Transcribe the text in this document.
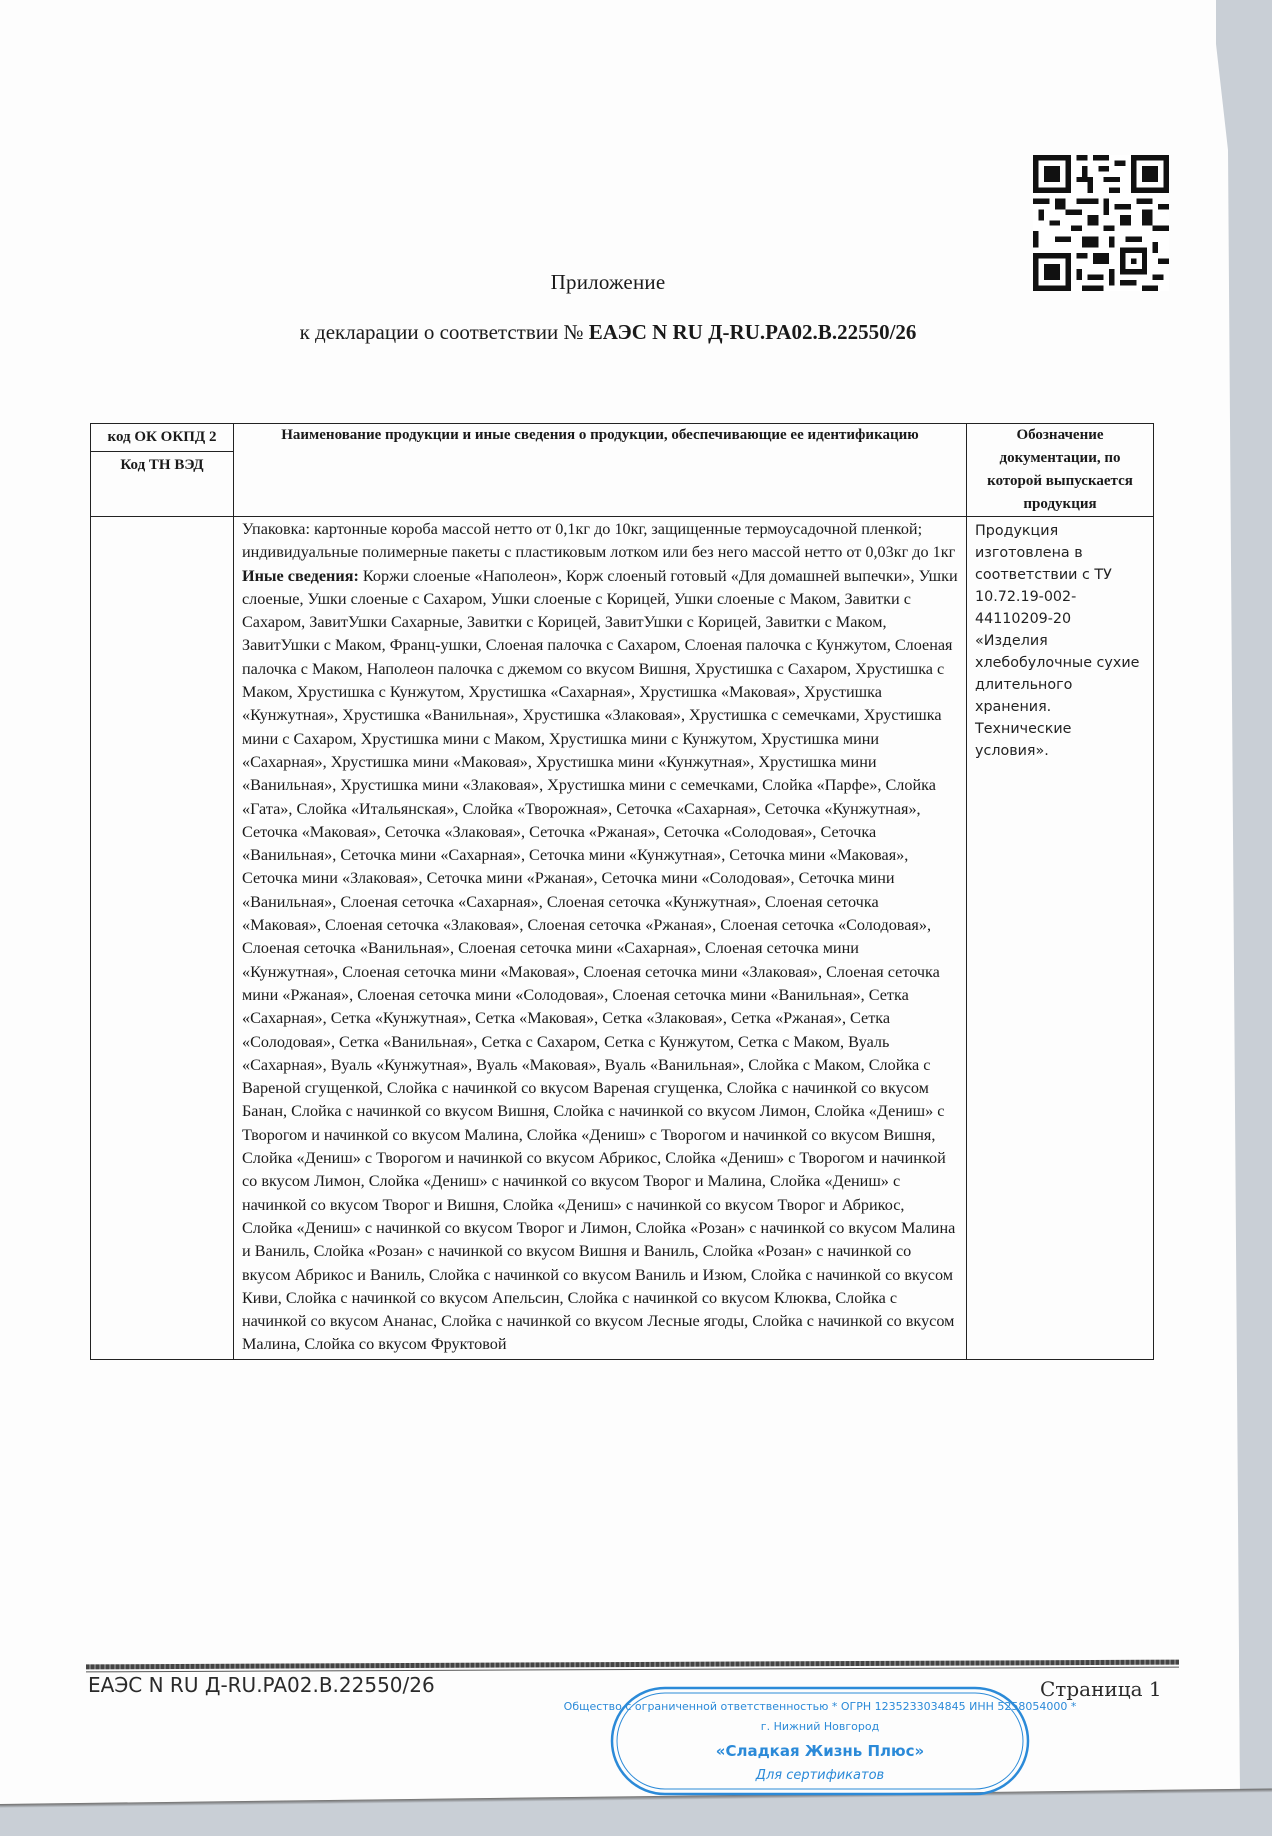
Приложение
к декларации о соответствии № ЕАЭС N RU Д-RU.PA02.B.22550/26
код ОК ОКПД 2
Код ТН ВЭД	Наименование продукции и иные сведения о продукции, обеспечивающие ее идентификацию	Обозначение документации, по которой выпускается продукция
	Упаковка: картонные короба массой нетто от 0,1кг до 10кг, защищенные термоусадочной пленкой; индивидуальные полимерные пакеты с пластиковым лотком или без него массой нетто от 0,03кг до 1кг
Иные сведения: Коржи слоеные «Наполеон», Корж слоеный готовый «Для домашней выпечки», Ушки слоеные, Ушки слоеные с Сахаром, Ушки слоеные с Корицей, Ушки слоеные с Маком, Завитки с Сахаром, ЗавитУшки Сахарные, Завитки с Корицей, ЗавитУшки с Корицей, Завитки с Маком, ЗавитУшки с Маком, Франц-ушки, Слоеная палочка с Сахаром, Слоеная палочка с Кунжутом, Слоеная палочка с Маком, Наполеон палочка с джемом со вкусом Вишня, Хрустишка с Сахаром, Хрустишка с Маком, Хрустишка с Кунжутом, Хрустишка «Сахарная», Хрустишка «Маковая», Хрустишка «Кунжутная», Хрустишка «Ванильная», Хрустишка «Злаковая», Хрустишка с семечками, Хрустишка мини с Сахаром, Хрустишка мини с Маком, Хрустишка мини с Кунжутом, Хрустишка мини «Сахарная», Хрустишка мини «Маковая», Хрустишка мини «Кунжутная», Хрустишка мини «Ванильная», Хрустишка мини «Злаковая», Хрустишка мини с семечками, Слойка «Парфе», Слойка «Гата», Слойка «Итальянская», Слойка «Творожная», Сеточка «Сахарная», Сеточка «Кунжутная», Сеточка «Маковая», Сеточка «Злаковая», Сеточка «Ржаная», Сеточка «Солодовая», Сеточка «Ванильная», Сеточка мини «Сахарная», Сеточка мини «Кунжутная», Сеточка мини «Маковая», Сеточка мини «Злаковая», Сеточка мини «Ржаная», Сеточка мини «Солодовая», Сеточка мини «Ванильная», Слоеная сеточка «Сахарная», Слоеная сеточка «Кунжутная», Слоеная сеточка «Маковая», Слоеная сеточка «Злаковая», Слоеная сеточка «Ржаная», Слоеная сеточка «Солодовая», Слоеная сеточка «Ванильная», Слоеная сеточка мини «Сахарная», Слоеная сеточка мини «Кунжутная», Слоеная сеточка мини «Маковая», Слоеная сеточка мини «Злаковая», Слоеная сеточка мини «Ржаная», Слоеная сеточка мини «Солодовая», Слоеная сеточка мини «Ванильная», Сетка «Сахарная», Сетка «Кунжутная», Сетка «Маковая», Сетка «Злаковая», Сетка «Ржаная», Сетка «Солодовая», Сетка «Ванильная», Сетка с Сахаром, Сетка с Кунжутом, Сетка с Маком, Вуаль «Сахарная», Вуаль «Кунжутная», Вуаль «Маковая», Вуаль «Ванильная», Слойка с Маком, Слойка с Вареной сгущенкой, Слойка с начинкой со вкусом Вареная сгущенка, Слойка с начинкой со вкусом Банан, Слойка с начинкой со вкусом Вишня, Слойка с начинкой со вкусом Лимон, Слойка «Дениш» с Творогом и начинкой со вкусом Малина, Слойка «Дениш» с Творогом и начинкой со вкусом Вишня, Слойка «Дениш» с Творогом и начинкой со вкусом Абрикос, Слойка «Дениш» с Творогом и начинкой со вкусом Лимон, Слойка «Дениш» с начинкой со вкусом Творог и Малина, Слойка «Дениш» с начинкой со вкусом Творог и Вишня, Слойка «Дениш» с начинкой со вкусом Творог и Абрикос, Слойка «Дениш» с начинкой со вкусом Творог и Лимон, Слойка «Розан» с начинкой со вкусом Малина и Ваниль, Слойка «Розан» с начинкой со вкусом Вишня и Ваниль, Слойка «Розан» с начинкой со вкусом Абрикос и Ваниль, Слойка с начинкой со вкусом Ваниль и Изюм, Слойка с начинкой со вкусом Киви, Слойка с начинкой со вкусом Апельсин, Слойка с начинкой со вкусом Клюква, Слойка с начинкой со вкусом Ананас, Слойка с начинкой со вкусом Лесные ягоды, Слойка с начинкой со вкусом Малина, Слойка со вкусом Фруктовой	Продукция изготовлена в соответствии с ТУ 10.72.19-002-44110209-20 «Изделия хлебобулочные сухие длительного хранения. Технические условия».
ЕАЭС N RU Д-RU.PA02.B.22550/26
Общество с ограниченной ответственностью * ОГРН 1235233034845 ИНН 5258054000 *
г. Нижний Новгород
«Сладкая Жизнь Плюс»
Для сертификатов
Страница 1
